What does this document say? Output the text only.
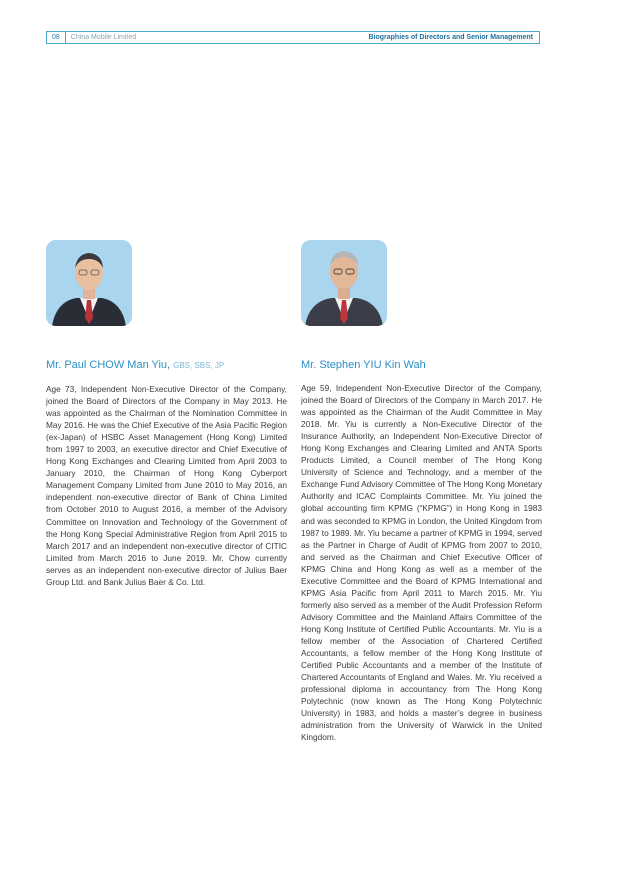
08	China Mobile Limited	Biographies of Directors and Senior Management
Mr. Paul CHOW Man Yiu, GBS, SBS, JP
Age 73, Independent Non-Executive Director of the Company, joined the Board of Directors of the Company in May 2013. He was appointed as the Chairman of the Nomination Committee in May 2016. He was the Chief Executive of the Asia Pacific Region (ex-Japan) of HSBC Asset Management (Hong Kong) Limited from 1997 to 2003, an executive director and Chief Executive of Hong Kong Exchanges and Clearing Limited from April 2003 to January 2010, the Chairman of Hong Kong Cyberport Management Company Limited from June 2010 to May 2016, an independent non-executive director of Bank of China Limited from October 2010 to August 2016, a member of the Advisory Committee on Innovation and Technology of the Government of the Hong Kong Special Administrative Region from April 2015 to March 2017 and an independent non-executive director of CITIC Limited from March 2016 to June 2019. Mr. Chow currently serves as an independent non-executive director of Julius Baer Group Ltd. and Bank Julius Baer & Co. Ltd.
Mr. Stephen YIU Kin Wah
Age 59, Independent Non-Executive Director of the Company, joined the Board of Directors of the Company in March 2017. He was appointed as the Chairman of the Audit Committee in May 2018. Mr. Yiu is currently a Non-Executive Director of the Insurance Authority, an Independent Non-Executive Director of Hong Kong Exchanges and Clearing Limited and ANTA Sports Products Limited, a Council member of The Hong Kong University of Science and Technology, and a member of the Exchange Fund Advisory Committee of The Hong Kong Monetary Authority and ICAC Complaints Committee. Mr. Yiu joined the global accounting firm KPMG (“KPMG”) in Hong Kong in 1983 and was seconded to KPMG in London, the United Kingdom from 1987 to 1989. Mr. Yiu became a partner of KPMG in 1994, served as the Partner in Charge of Audit of KPMG from 2007 to 2010, and served as the Chairman and Chief Executive Officer of KPMG China and Hong Kong as well as a member of the Executive Committee and the Board of KPMG International and KPMG Asia Pacific from April 2011 to March 2015. Mr. Yiu formerly also served as a member of the Audit Profession Reform Advisory Committee and the Mainland Affairs Committee of the Hong Kong Institute of Certified Public Accountants. Mr. Yiu is a fellow member of the Association of Chartered Certified Accountants, a fellow member of the Hong Kong Institute of Certified Public Accountants and a member of the Institute of Chartered Accountants of England and Wales. Mr. Yiu received a professional diploma in accountancy from The Hong Kong Polytechnic (now known as The Hong Kong Polytechnic University) in 1983, and holds a master’s degree in business administration from the University of Warwick in the United Kingdom.
